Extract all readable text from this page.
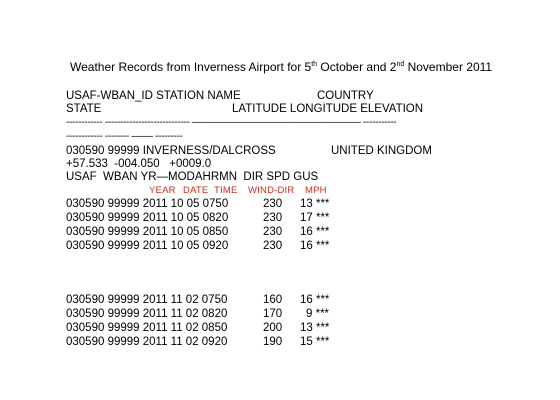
Weather Records from Inverness Airport for 5th October and 2nd November 2011
USAF-WBAN_ID STATION NAME	COUNTRY
STATE	LATITUDE LONGITUDE ELEVATION
------------ ---------------------------- –––––––––––––––––––––––––––––––– -----------
------------ -------- –––– ---------
030590 99999 INVERNESS/DALCROSS	UNITED KINGDOM
+57.533  -004.050   +0009.0
USAF  WBAN YR—MODAHRMN  DIR SPD GUS
YEAR DATE TIME WIND-DIR MPH
030590 99999 2011 10 05 0750	230 13 ***
030590 99999 2011 10 05 0820	230 17 ***
030590 99999 2011 10 05 0850	230 16 ***
030590 99999 2011 10 05 0920	230 16 ***
030590 99999 2011 11 02 0750	160 16 ***
030590 99999 2011 11 02 0820	170 9 ***
030590 99999 2011 11 02 0850	200 13 ***
030590 99999 2011 11 02 0920	190 15 ***
